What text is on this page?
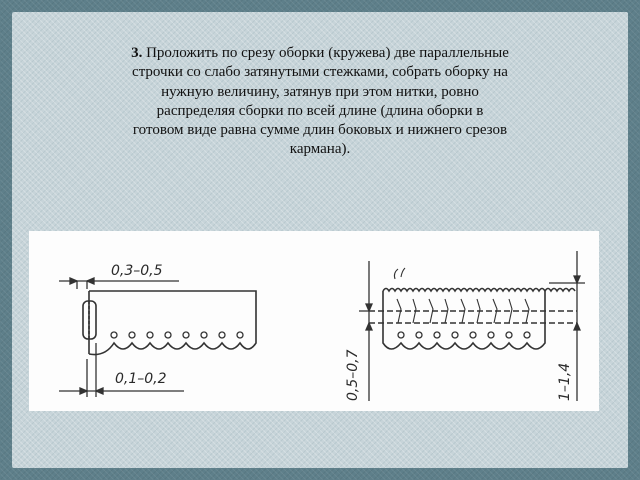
3. Проложить по срезу оборки (кружева) две параллельные строчки со слабо затянутыми стежками, собрать оборку на нужную величину, затянув при этом нитки, ровно распределяя сборки по всей длине (длина оборки в готовом виде равна сумме длин боковых и нижнего срезов кармана).
0,3–0,5
0,1–0,2	0,5–0,7	1–1,4
